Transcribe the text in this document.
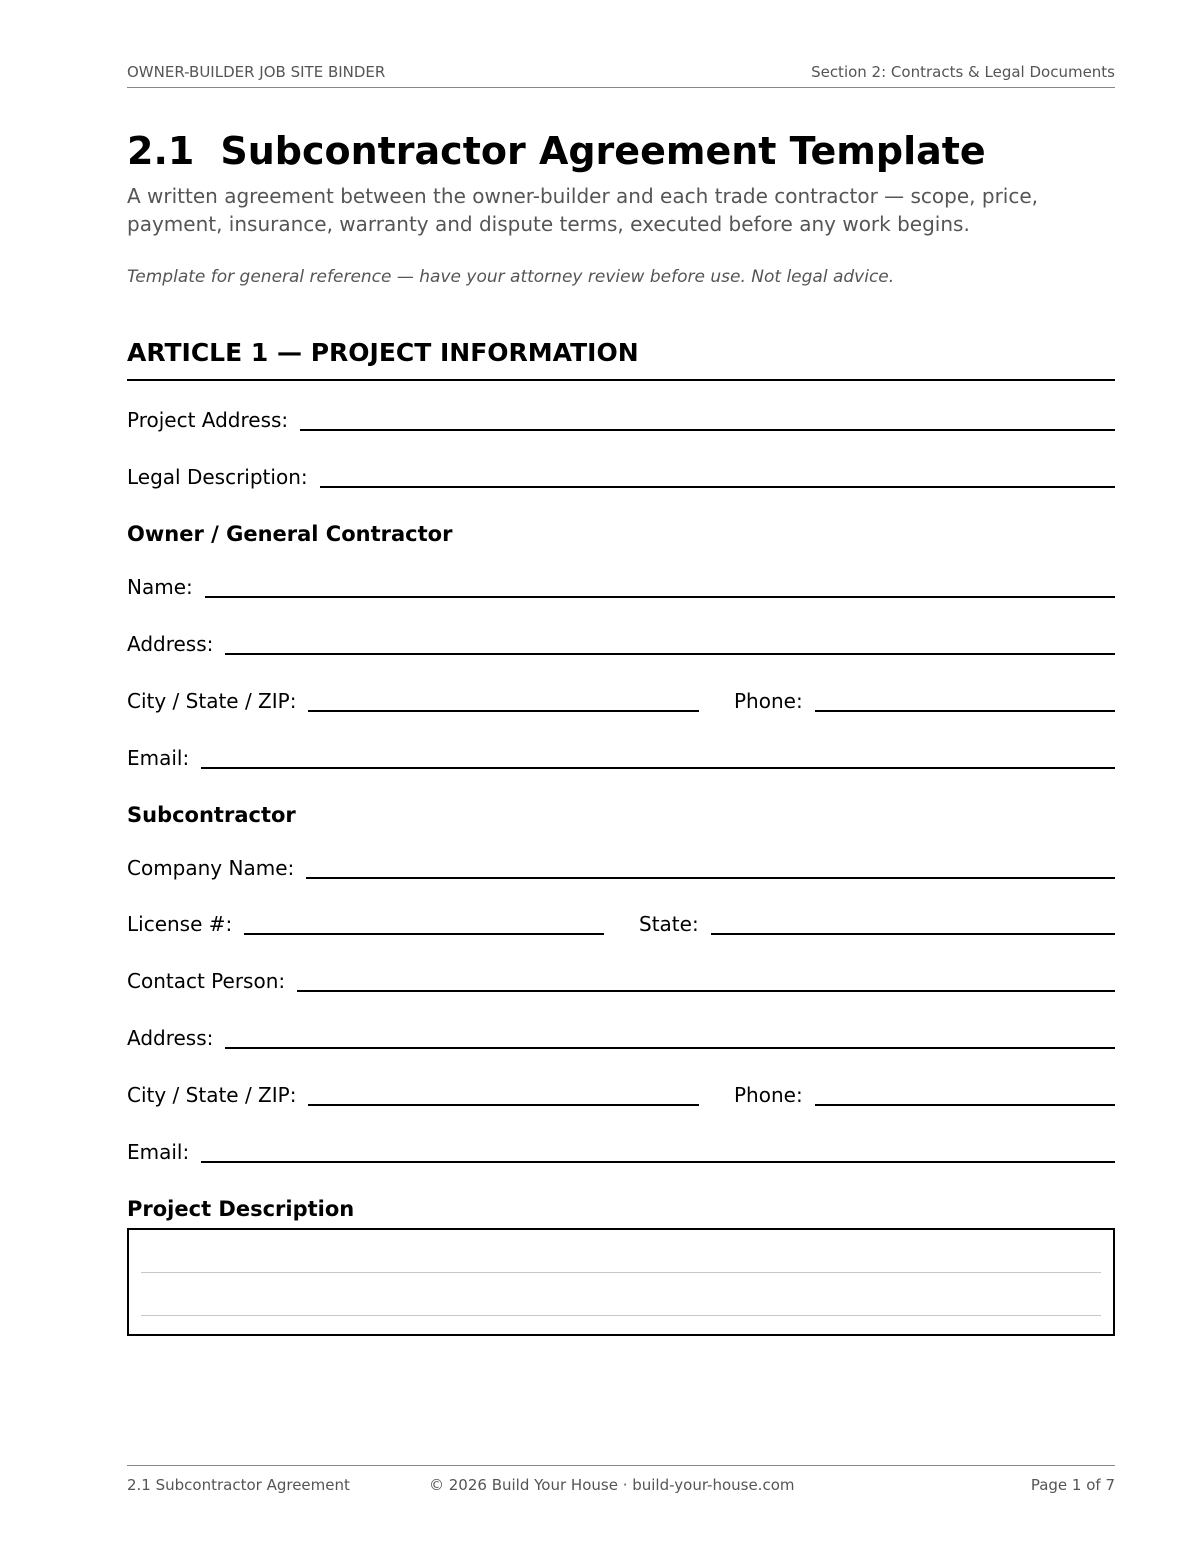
OWNER-BUILDER JOB SITE BINDER	Section 2: Contracts & Legal Documents
2.1 Subcontractor Agreement Template

A written agreement between the owner-builder and each trade contractor — scope, price, payment, insurance, warranty and dispute terms, executed before any work begins.

Template for general reference — have your attorney review before use. Not legal advice.

ARTICLE 1 — PROJECT INFORMATION
Project Address:
Legal Description:
Owner / General Contractor
Name:
Address:
City / State / ZIP:	Phone:
Email:
Subcontractor
Company Name:
License #:	State:
Contact Person:
Address:
City / State / ZIP:	Phone:
Email:
Project Description
2.1 Subcontractor Agreement	© 2026 Build Your House · build-your-house.com	Page 1 of 7
